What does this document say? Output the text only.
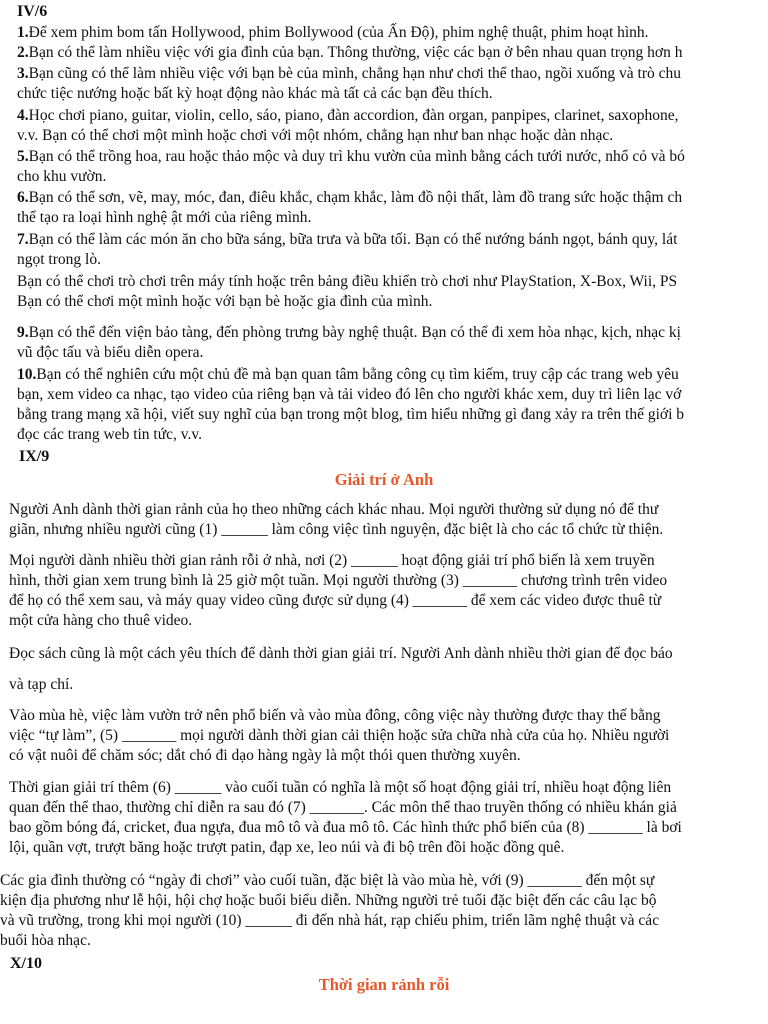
IV/6
1.Để xem phim bom tấn Hollywood, phim Bollywood (của Ấn Độ), phim nghệ thuật, phim hoạt hình.
2.Bạn có thể làm nhiều việc với gia đình của bạn. Thông thường, việc các bạn ở bên nhau quan trọng hơn h
3.Bạn cũng có thể làm nhiều việc với bạn bè của mình, chẳng hạn như chơi thể thao, ngồi xuống và trò chu
chức tiệc nướng hoặc bất kỳ hoạt động nào khác mà tất cả các bạn đều thích.
4.Học chơi piano, guitar, violin, cello, sáo, piano, đàn accordion, đàn organ, panpipes, clarinet, saxophone,
v.v. Bạn có thể chơi một mình hoặc chơi với một nhóm, chẳng hạn như ban nhạc hoặc dàn nhạc.
5.Bạn có thể trồng hoa, rau hoặc thảo mộc và duy trì khu vườn của mình bằng cách tưới nước, nhổ cỏ và bó
cho khu vườn.
6.Bạn có thể sơn, vẽ, may, móc, đan, điêu khắc, chạm khắc, làm đồ nội thất, làm đồ trang sức hoặc thậm ch
thể tạo ra loại hình nghệ ật mới của riêng mình.
7.Bạn có thể làm các món ăn cho bữa sáng, bữa trưa và bữa tối. Bạn có thể nướng bánh ngọt, bánh quy, lát
ngọt trong lò.
Bạn có thể chơi trò chơi trên máy tính hoặc trên bảng điều khiển trò chơi như PlayStation, X-Box, Wii, PS
Bạn có thể chơi một mình hoặc với bạn bè hoặc gia đình của mình.
9.Bạn có thể đến viện bảo tàng, đến phòng trưng bày nghệ thuật. Bạn có thể đi xem hòa nhạc, kịch, nhạc kị
vũ độc tấu và biểu diễn opera.
10.Bạn có thể nghiên cứu một chủ đề mà bạn quan tâm bằng công cụ tìm kiếm, truy cập các trang web yêu
bạn, xem video ca nhạc, tạo video của riêng bạn và tải video đó lên cho người khác xem, duy trì liên lạc vớ
bằng trang mạng xã hội, viết suy nghĩ của bạn trong một blog, tìm hiểu những gì đang xảy ra trên thế giới b
đọc các trang web tin tức, v.v.
IX/9
Giải trí ở Anh
Người Anh dành thời gian rảnh của họ theo những cách khác nhau. Mọi người thường sử dụng nó để thư
giãn, nhưng nhiều người cũng (1) ______ làm công việc tình nguyện, đặc biệt là cho các tổ chức từ thiện.
Mọi người dành nhiều thời gian rảnh rỗi ở nhà, nơi (2) ______ hoạt động giải trí phổ biến là xem truyền
hình, thời gian xem trung bình là 25 giờ một tuần. Mọi người thường (3) _______ chương trình trên video
để họ có thể xem sau, và máy quay video cũng được sử dụng (4) _______ để xem các video được thuê từ
một cửa hàng cho thuê video.
Đọc sách cũng là một cách yêu thích để dành thời gian giải trí. Người Anh dành nhiều thời gian để đọc báo
và tạp chí.
Vào mùa hè, việc làm vườn trở nên phổ biến và vào mùa đông, công việc này thường được thay thế bằng
việc “tự làm”, (5) _______ mọi người dành thời gian cải thiện hoặc sửa chữa nhà cửa của họ. Nhiều người
có vật nuôi để chăm sóc; dắt chó đi dạo hàng ngày là một thói quen thường xuyên.
Thời gian giải trí thêm (6) ______ vào cuối tuần có nghĩa là một số hoạt động giải trí, nhiều hoạt động liên
quan đến thể thao, thường chỉ diễn ra sau đó (7) _______. Các môn thể thao truyền thống có nhiều khán giả
bao gồm bóng đá, cricket, đua ngựa, đua mô tô và đua mô tô. Các hình thức phổ biến của (8) _______ là bơi
lội, quần vợt, trượt băng hoặc trượt patin, đạp xe, leo núi và đi bộ trên đồi hoặc đồng quê.
Các gia đình thường có “ngày đi chơi” vào cuối tuần, đặc biệt là vào mùa hè, với (9) _______ đến một sự
kiện địa phương như lễ hội, hội chợ hoặc buổi biểu diễn. Những người trẻ tuổi đặc biệt đến các câu lạc bộ
và vũ trường, trong khi mọi người (10) ______ đi đến nhà hát, rạp chiếu phim, triển lãm nghệ thuật và các
buổi hòa nhạc.
X/10
Thời gian rảnh rỗi
